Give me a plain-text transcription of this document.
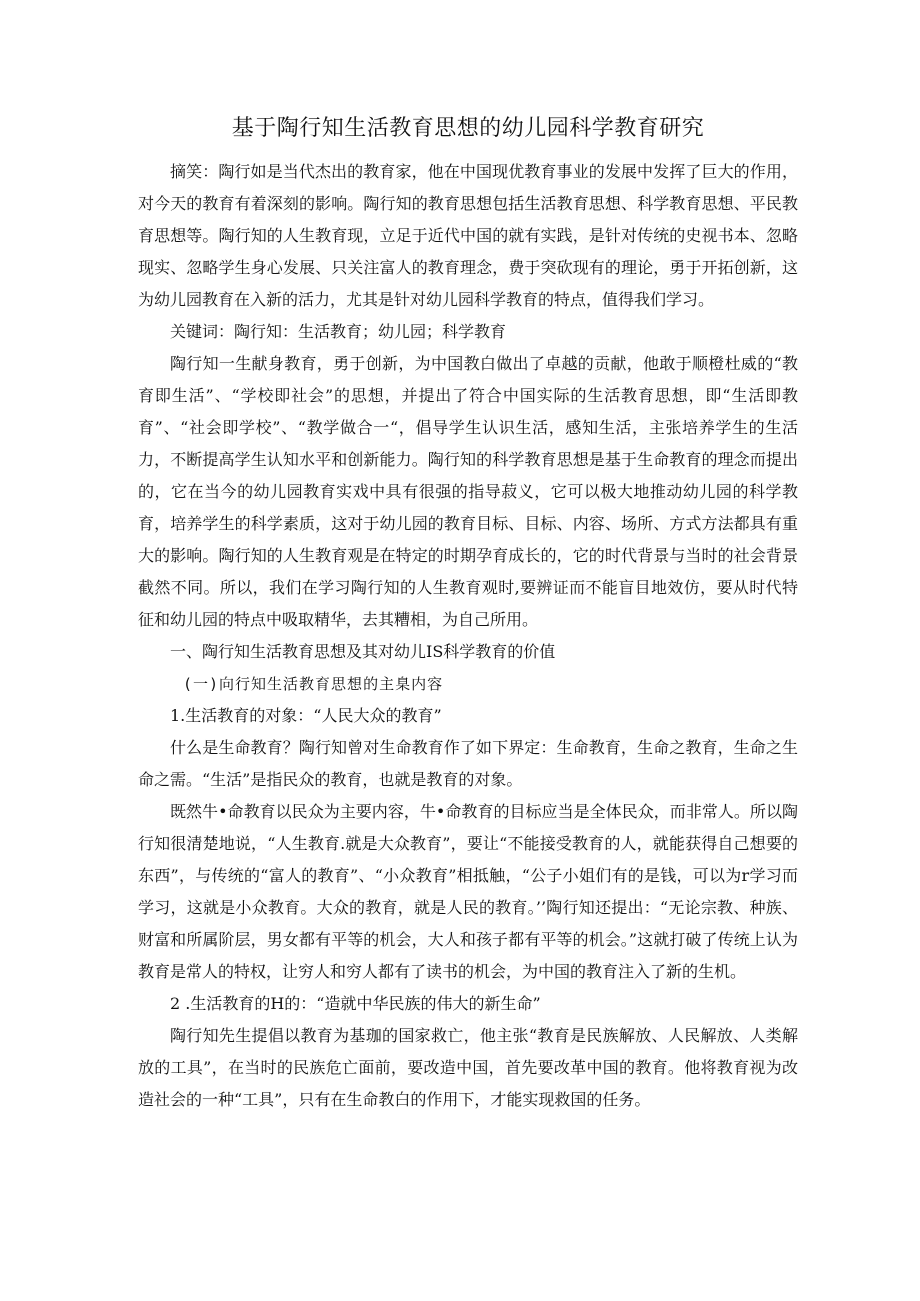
基于陶行知生活教育思想的幼儿园科学教育研究

摘笑：陶行如是当代杰出的教育家，他在中国现优教育事业的发展中发挥了巨大的作用，对今天的教育有着深刻的影响。陶行知的教育思想包括生活教育思想、科学教育思想、平民教育思想等。陶行知的人生教育现，立足于近代中国的就有实践，是针对传统的史视书本、忽略现实、忽略学生身心发展、只关注富人的教育理念，费于突砍现有的理论，勇于开拓创新，这为幼儿园教育在入新的活力，尤其是针对幼儿园科学教育的特点，值得我们学习。

关键词：陶行知：生活教育；幼儿园；科学教育

陶行知一生献身教育，勇于创新，为中国教白做出了卓越的贡献，他敢于顺橙杜威的“教育即生活”、“学校即社会”的思想，并提出了符合中国实际的生活教育思想，即“生活即教育”、“社会即学校”、“教学做合一“，倡导学生认识生活，感知生活，主张培养学生的生活力，不断提高学生认知水平和创新能力。陶行知的科学教育思想是基于生命教育的理念而提出的，它在当今的幼儿园教育实戏中具有很强的指导菽义，它可以极大地推动幼儿园的科学教育，培养学生的科学素质，这对于幼儿园的教育目标、目标、内容、场所、方式方法都具有重大的影响。陶行知的人生教育观是在特定的时期孕育成长的，它的时代背景与当时的社会背景截然不同。所以，我们在学习陶行知的人生教育观时,要辨证而不能盲目地效仿，要从时代特征和幼儿园的特点中吸取精华，去其糟相，为自己所用。

一、陶行知生活教育思想及其对幼儿IS科学教育的价值

(一)向行知生活教育思想的主臬内容

1.生活教育的对象：“人民大众的教育”

什么是生命教育？陶行知曾对生命教育作了如下界定：生命教育，生命之教育，生命之生命之需。“生活”是指民众的教育，也就是教育的对象。

既然牛•命教育以民众为主要内容，牛•命教育的目标应当是全体民众，而非常人。所以陶行知很清楚地说，“人生教育.就是大众教育”，要让“不能接受教育的人，就能获得自己想要的东西”，与传统的“富人的教育”、“小众教育”相抵触，“公子小姐们有的是钱，可以为r学习而学习，这就是小众教育。大众的教育，就是人民的教育。’’陶行知还提出：“无论宗教、种族、财富和所属阶层，男女都有平等的机会，大人和孩子都有平等的机会。”这就打破了传统上认为教育是常人的特权，让穷人和穷人都有了读书的机会，为中国的教育注入了新的生机。

2 .生活教育的H的：“造就中华民族的伟大的新生命”

陶行知先生提倡以教育为基珈的国家救亡，他主张“教育是民族解放、人民解放、人类解放的工具”，在当时的民族危亡面前，要改造中国，首先要改革中国的教育。他将教育视为改造社会的一种“工具”，只有在生命教白的作用下，才能实现救国的任务。
